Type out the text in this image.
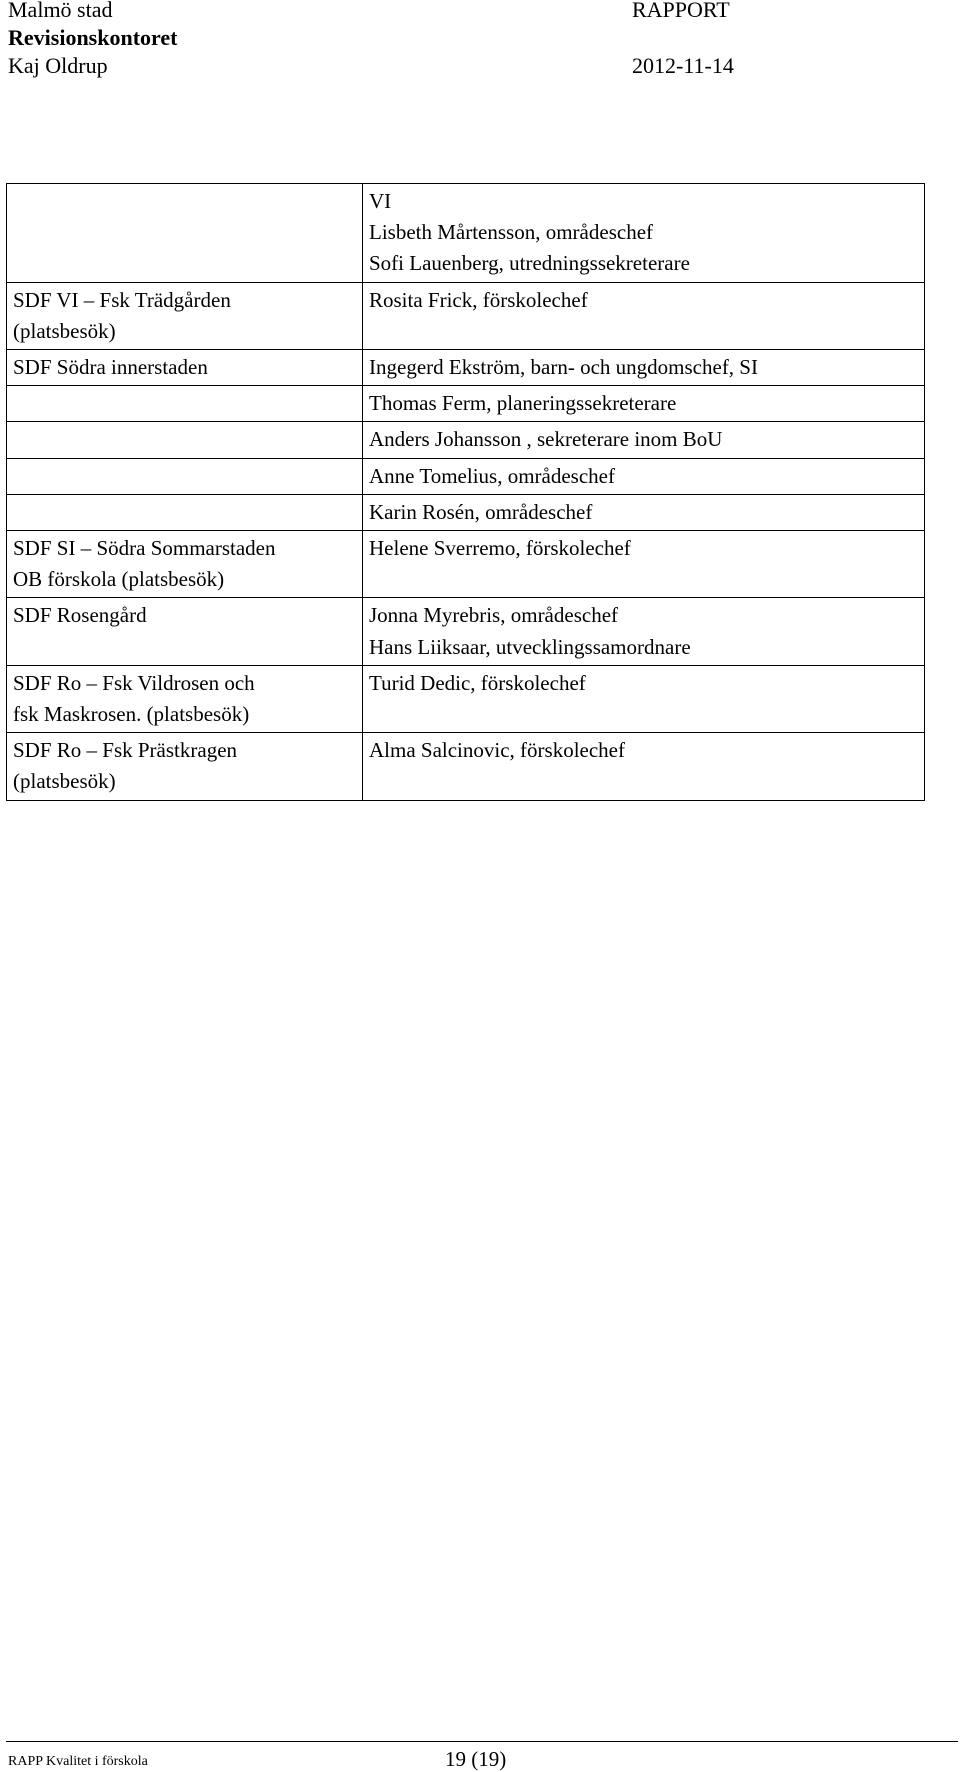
Malmö stad
Revisionskontoret
Kaj Oldrup
RAPPORT
2012-11-14

	VI
Lisbeth Mårtensson, områdeschef
Sofi Lauenberg, utredningssekreterare

SDF VI – Fsk Trädgården
(platsbesök)	Rosita Frick, förskolechef

SDF Södra innerstaden	Ingegerd Ekström, barn- och ungdomschef, SI

	Thomas Ferm, planeringssekreterare

	Anders Johansson , sekreterare inom BoU

	Anne Tomelius, områdeschef

	Karin Rosén, områdeschef

SDF SI – Södra Sommarstaden
OB förskola (platsbesök)	Helene Sverremo, förskolechef

SDF Rosengård	Jonna Myrebris, områdeschef
Hans Liiksaar, utvecklingssamordnare

SDF Ro – Fsk Vildrosen och
fsk Maskrosen. (platsbesök)	Turid Dedic, förskolechef

SDF Ro – Fsk Prästkragen
(platsbesök)	Alma Salcinovic, förskolechef
RAPP Kvalitet i förskola	19 (19)
